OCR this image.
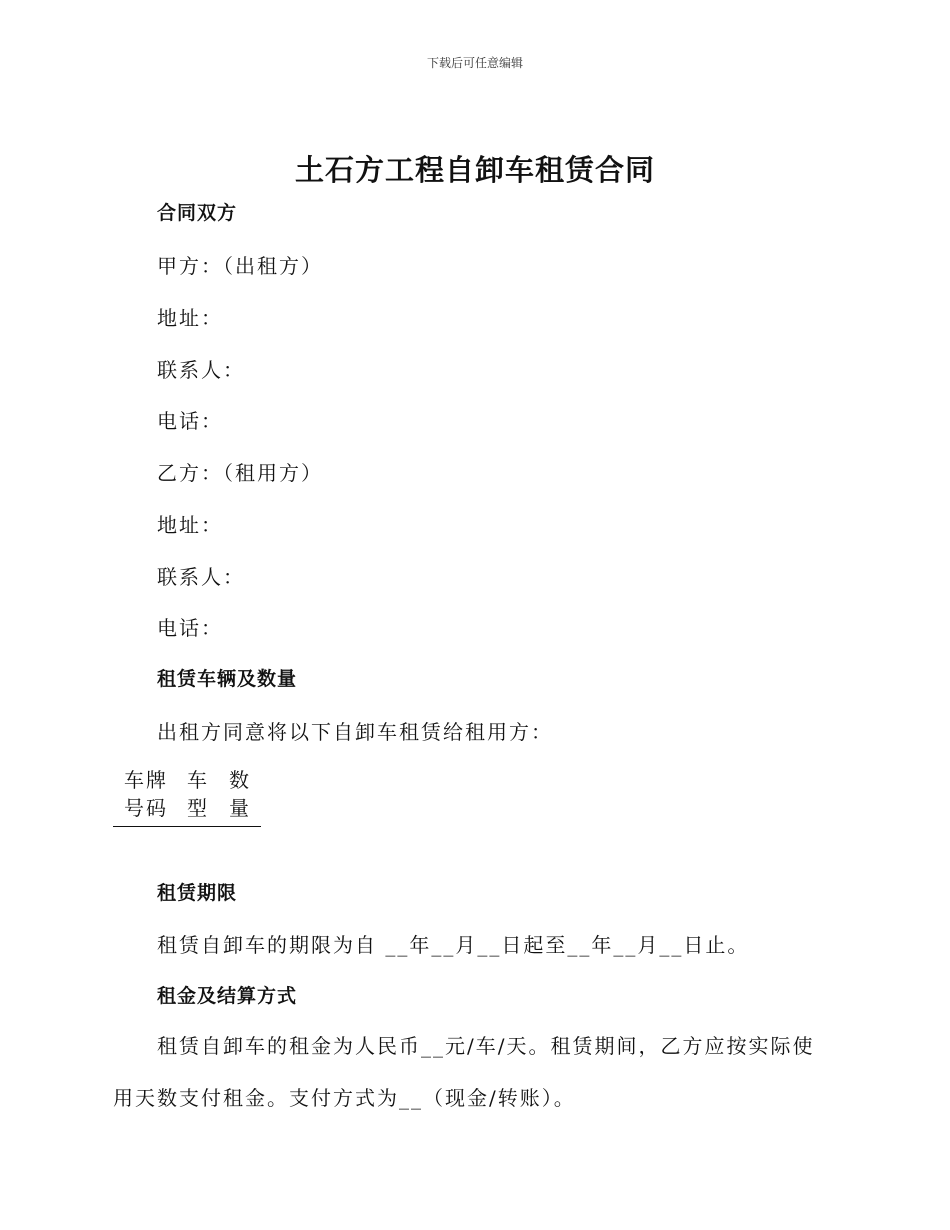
下载后可任意编辑
土石方工程自卸车租赁合同
合同双方
甲方：（出租方）
地址：
联系人：
电话：
乙方：（租用方）
地址：
联系人：
电话：
租赁车辆及数量
出租方同意将以下自卸车租赁给租用方：
车牌
号码
车
型
数
量
租赁期限
租赁自卸车的期限为自 __年__月__日起至__年__月__日止。
租金及结算方式
租赁自卸车的租金为人民币__元/车/天。租赁期间，乙方应按实际使用天数支付租金。支付方式为__（现金/转账）。
